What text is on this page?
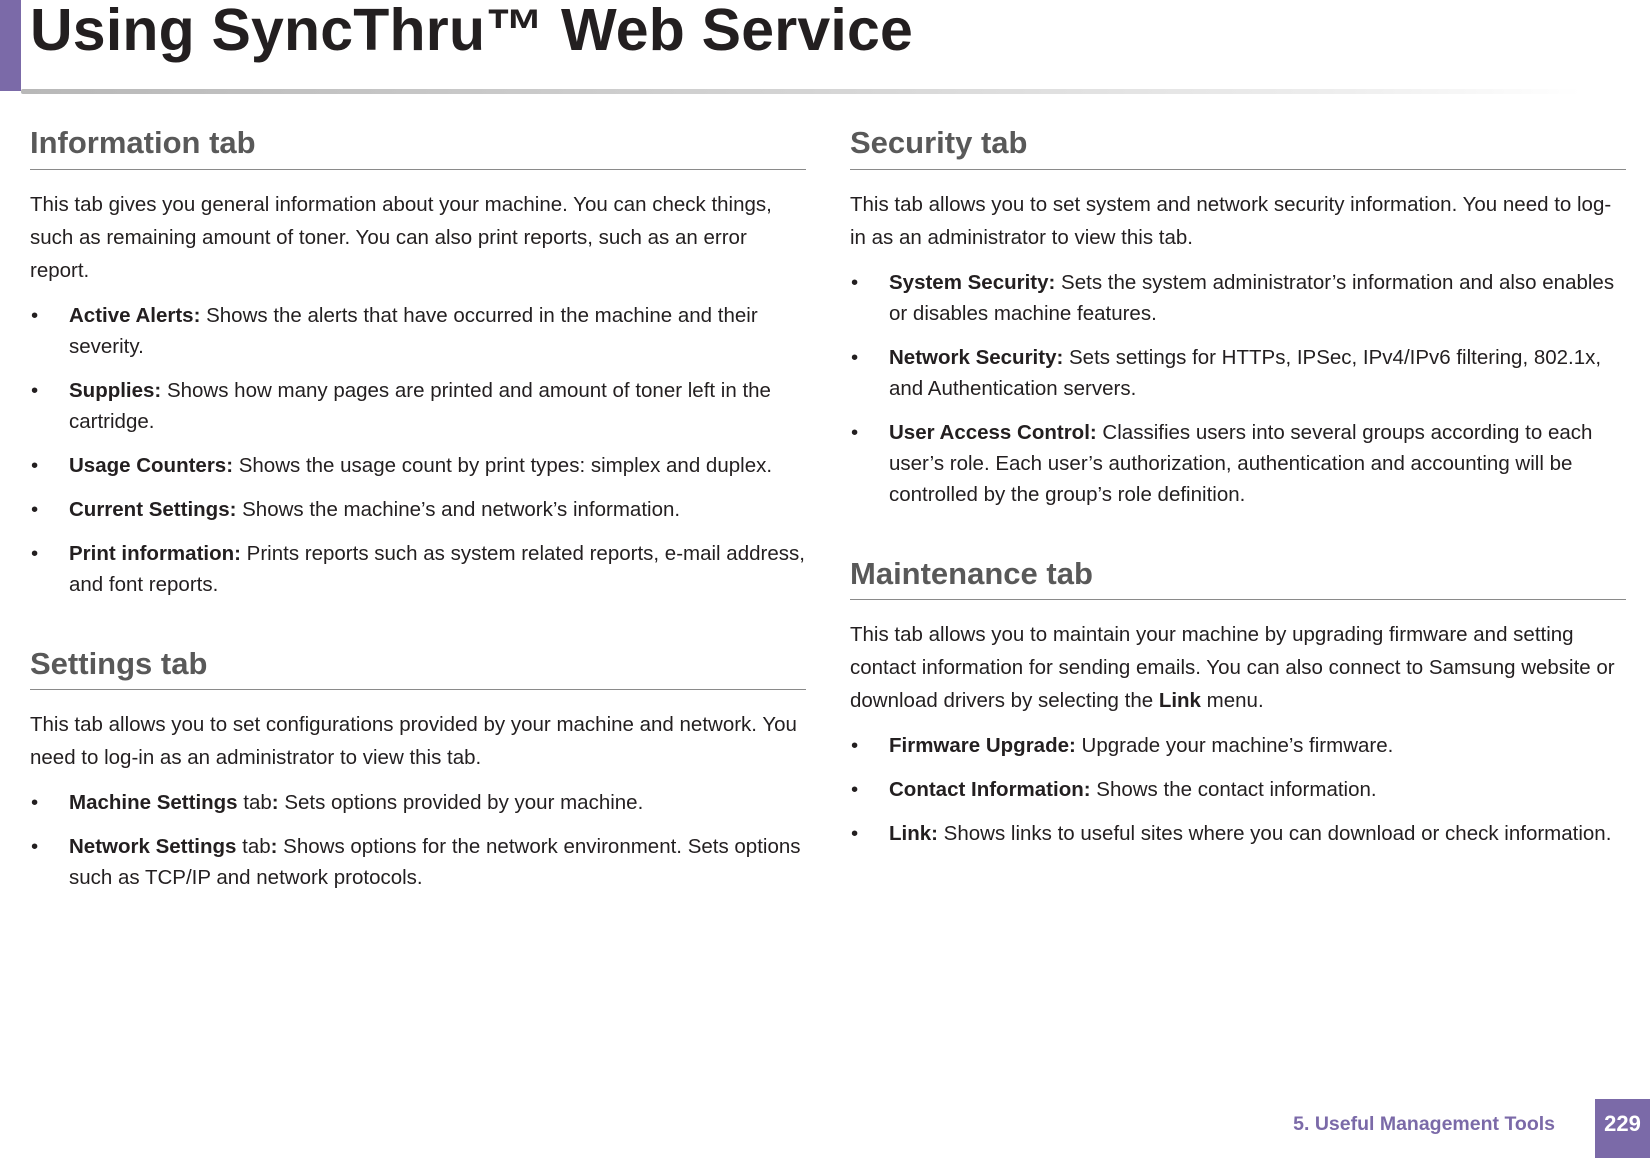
Using SyncThru™ Web Service
Information tab

This tab gives you general information about your machine. You can check things, such as remaining amount of toner. You can also print reports, such as an error report.

• Active Alerts: Shows the alerts that have occurred in the machine and their severity.
• Supplies: Shows how many pages are printed and amount of toner left in the cartridge.
• Usage Counters: Shows the usage count by print types: simplex and duplex.
• Current Settings: Shows the machine’s and network’s information.
• Print information: Prints reports such as system related reports, e-mail address, and font reports.
Settings tab

This tab allows you to set configurations provided by your machine and network. You need to log-in as an administrator to view this tab.

• Machine Settings tab: Sets options provided by your machine.
• Network Settings tab: Shows options for the network environment. Sets options such as TCP/IP and network protocols.
Security tab

This tab allows you to set system and network security information. You need to log-in as an administrator to view this tab.

• System Security: Sets the system administrator’s information and also enables or disables machine features.
• Network Security: Sets settings for HTTPs, IPSec, IPv4/IPv6 filtering, 802.1x, and Authentication servers.
• User Access Control: Classifies users into several groups according to each user’s role. Each user’s authorization, authentication and accounting will be controlled by the group’s role definition.
Maintenance tab

This tab allows you to maintain your machine by upgrading firmware and setting contact information for sending emails. You can also connect to Samsung website or download drivers by selecting the Link menu.

• Firmware Upgrade: Upgrade your machine’s firmware.
• Contact Information: Shows the contact information.
• Link: Shows links to useful sites where you can download or check information.
5. Useful Management Tools	229
